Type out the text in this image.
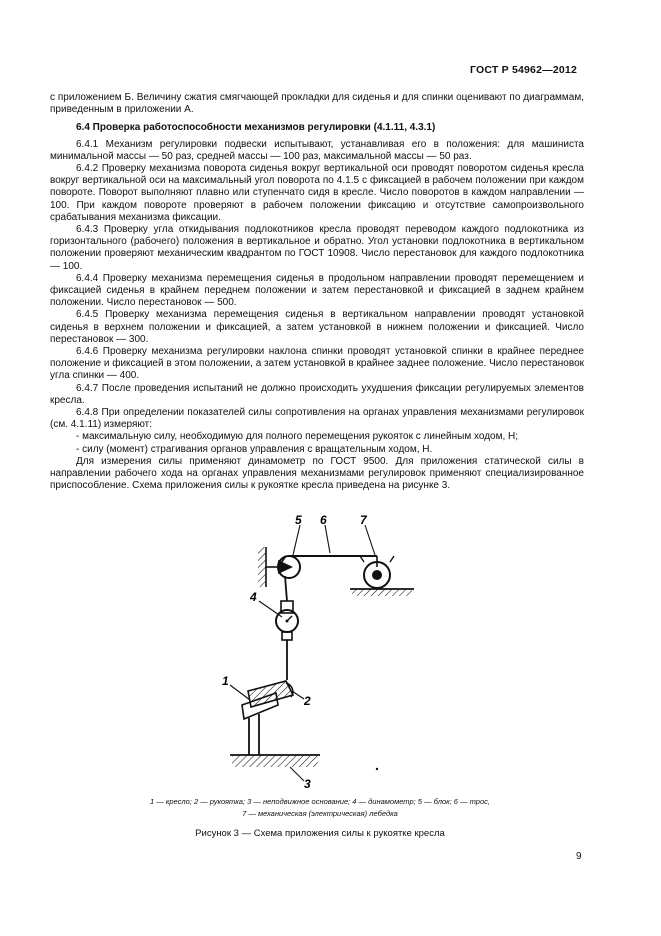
ГОСТ Р 54962—2012

с приложением Б. Величину сжатия смягчающей прокладки для сиденья и для спинки оценивают по диаграммам, приведенным в приложении А.

6.4 Проверка работоспособности механизмов регулировки (4.1.11, 4.3.1)

6.4.1 Механизм регулировки подвески испытывают, устанавливая его в положения: для машиниста минимальной массы — 50 раз, средней массы — 100 раз, максимальной массы — 50 раз.

6.4.2 Проверку механизма поворота сиденья вокруг вертикальной оси проводят поворотом сиденья кресла вокруг вертикальной оси на максимальный угол поворота по 4.1.5 с фиксацией в рабочем положении при каждом повороте. Поворот выполняют плавно или ступенчато сидя в кресле. Число поворотов в каждом направлении — 100. При каждом повороте проверяют в рабочем положении фиксацию и отсутствие самопроизвольного срабатывания механизма фиксации.

6.4.3 Проверку угла откидывания подлокотников кресла проводят переводом каждого подлокотника из горизонтального (рабочего) положения в вертикальное и обратно. Угол установки подлокотника в вертикальном положении проверяют механическим квадрантом по ГОСТ 10908. Число перестановок для каждого подлокотника — 100.

6.4.4 Проверку механизма перемещения сиденья в продольном направлении проводят перемещением и фиксацией сиденья в крайнем переднем положении и затем перестановкой и фиксацией в заднем крайнем положении. Число перестановок — 500.

6.4.5 Проверку механизма перемещения сиденья в вертикальном направлении проводят установкой сиденья в верхнем положении и фиксацией, а затем установкой в нижнем положении и фиксацией. Число перестановок — 300.

6.4.6 Проверку механизма регулировки наклона спинки проводят установкой спинки в крайнее переднее положение и фиксацией в этом положении, а затем установкой в крайнее заднее положение. Число перестановок угла спинки — 400.

6.4.7 После проведения испытаний не должно происходить ухудшения фиксации регулируемых элементов кресла.

6.4.8 При определении показателей силы сопротивления на органах управления механизмами регулировок (см. 4.1.11) измеряют:

- максимальную силу, необходимую для полного перемещения рукояток с линейным ходом, Н;

- силу (момент) страгивания органов управления с вращательным ходом, Н.

Для измерения силы применяют динамометр по ГОСТ 9500. Для приложения статической силы в направлении рабочего хода на органах управления механизмами регулировок применяют специализированное приспособление. Схема приложения силы к рукоятке кресла приведена на рисунке 3.

1
2
3
4
5 6	7
1 — кресло; 2 — рукоятка; 3 — неподвижное основание; 4 — динамометр; 5 — блок; 6 — трос,
7 — механическая (электрическая) лебедка
Рисунок 3 — Схема приложения силы к рукоятке кресла
9
